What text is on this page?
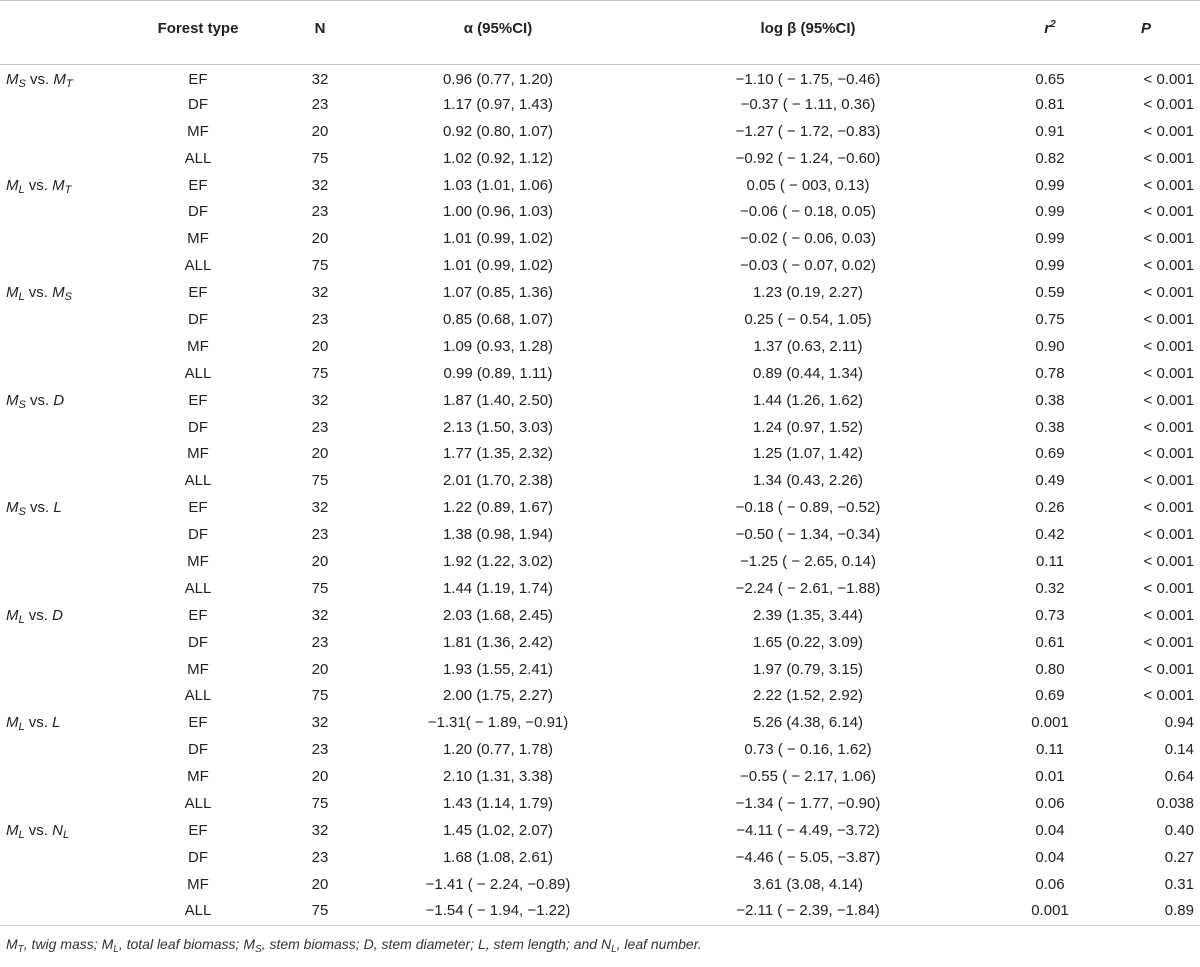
	Forest type	N	α (95%CI)	log β (95%CI)	$r^2$	P
$M_S$ vs. $M_T$	EF	32	0.96 (0.77, 1.20)	−1.10 ( − 1.75, −0.46)	0.65	< 0.001
	DF	23	1.17 (0.97, 1.43)	−0.37 ( − 1.11, 0.36)	0.81	< 0.001
	MF	20	0.92 (0.80, 1.07)	−1.27 ( − 1.72, −0.83)	0.91	< 0.001
	ALL	75	1.02 (0.92, 1.12)	−0.92 ( − 1.24, −0.60)	0.82	< 0.001
$M_L$ vs. $M_T$	EF	32	1.03 (1.01, 1.06)	0.05 ( − 003, 0.13)	0.99	< 0.001
	DF	23	1.00 (0.96, 1.03)	−0.06 ( − 0.18, 0.05)	0.99	< 0.001
	MF	20	1.01 (0.99, 1.02)	−0.02 ( − 0.06, 0.03)	0.99	< 0.001
	ALL	75	1.01 (0.99, 1.02)	−0.03 ( − 0.07, 0.02)	0.99	< 0.001
$M_L$ vs. $M_S$	EF	32	1.07 (0.85, 1.36)	1.23 (0.19, 2.27)	0.59	< 0.001
	DF	23	0.85 (0.68, 1.07)	0.25 ( − 0.54, 1.05)	0.75	< 0.001
	MF	20	1.09 (0.93, 1.28)	1.37 (0.63, 2.11)	0.90	< 0.001
	ALL	75	0.99 (0.89, 1.11)	0.89 (0.44, 1.34)	0.78	< 0.001
$M_S$ vs. D	EF	32	1.87 (1.40, 2.50)	1.44 (1.26, 1.62)	0.38	< 0.001
	DF	23	2.13 (1.50, 3.03)	1.24 (0.97, 1.52)	0.38	< 0.001
	MF	20	1.77 (1.35, 2.32)	1.25 (1.07, 1.42)	0.69	< 0.001
	ALL	75	2.01 (1.70, 2.38)	1.34 (0.43, 2.26)	0.49	< 0.001
$M_S$ vs. L	EF	32	1.22 (0.89, 1.67)	−0.18 ( − 0.89, −0.52)	0.26	< 0.001
	DF	23	1.38 (0.98, 1.94)	−0.50 ( − 1.34, −0.34)	0.42	< 0.001
	MF	20	1.92 (1.22, 3.02)	−1.25 ( − 2.65, 0.14)	0.11	< 0.001
	ALL	75	1.44 (1.19, 1.74)	−2.24 ( − 2.61, −1.88)	0.32	< 0.001
$M_L$ vs. D	EF	32	2.03 (1.68, 2.45)	2.39 (1.35, 3.44)	0.73	< 0.001
	DF	23	1.81 (1.36, 2.42)	1.65 (0.22, 3.09)	0.61	< 0.001
	MF	20	1.93 (1.55, 2.41)	1.97 (0.79, 3.15)	0.80	< 0.001
	ALL	75	2.00 (1.75, 2.27)	2.22 (1.52, 2.92)	0.69	< 0.001
$M_L$ vs. L	EF	32	−1.31( − 1.89, −0.91)	5.26 (4.38, 6.14)	0.001	0.94
	DF	23	1.20 (0.77, 1.78)	0.73 ( − 0.16, 1.62)	0.11	0.14
	MF	20	2.10 (1.31, 3.38)	−0.55 ( − 2.17, 1.06)	0.01	0.64
	ALL	75	1.43 (1.14, 1.79)	−1.34 ( − 1.77, −0.90)	0.06	0.038
$M_L$ vs. $N_L$	EF	32	1.45 (1.02, 2.07)	−4.11 ( − 4.49, −3.72)	0.04	0.40
	DF	23	1.68 (1.08, 2.61)	−4.46 ( − 5.05, −3.87)	0.04	0.27
	MF	20	−1.41 ( − 2.24, −0.89)	3.61 (3.08, 4.14)	0.06	0.31
	ALL	75	−1.54 ( − 1.94, −1.22)	−2.11 ( − 2.39, −1.84)	0.001	0.89
$M_T$, twig mass; $M_L$, total leaf biomass; $M_S$, stem biomass; D, stem diameter; L, stem length; and $N_L$, leaf number.
